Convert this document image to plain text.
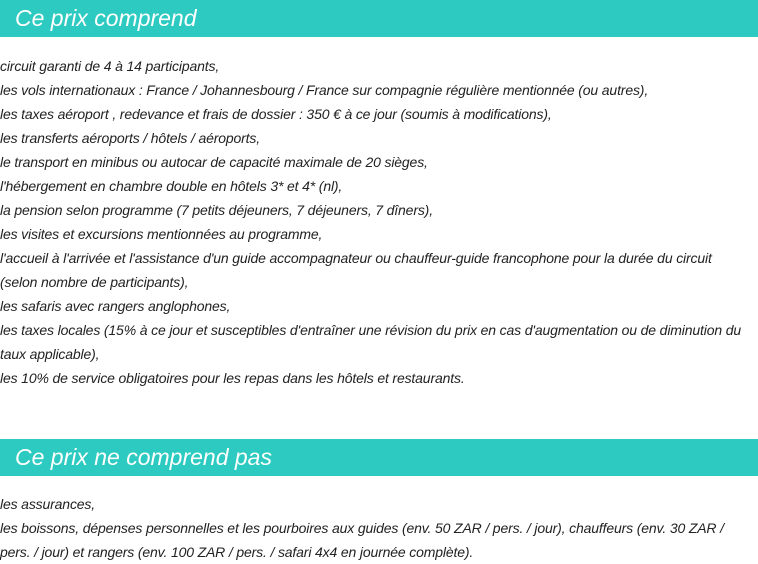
Ce prix comprend
circuit garanti de 4 à 14 participants,
les vols internationaux : France / Johannesbourg / France sur compagnie régulière mentionnée (ou autres),
les taxes aéroport , redevance et frais de dossier : 350 € à ce jour (soumis à modifications),
les transferts aéroports / hôtels / aéroports,
le transport en minibus ou autocar de capacité maximale de 20 sièges,
l'hébergement en chambre double en hôtels 3* et 4* (nl),
la pension selon programme (7 petits déjeuners, 7 déjeuners, 7 dîners),
les visites et excursions mentionnées au programme,
l'accueil à l'arrivée et l'assistance d'un guide accompagnateur ou chauffeur-guide francophone pour la durée du circuit (selon nombre de participants),
les safaris avec rangers anglophones,
les taxes locales (15% à ce jour et susceptibles d'entraîner une révision du prix en cas d'augmentation ou de diminution du taux applicable),
les 10% de service obligatoires pour les repas dans les hôtels et restaurants.
Ce prix ne comprend pas
les assurances,
les boissons, dépenses personnelles et les pourboires aux guides (env. 50 ZAR / pers. / jour), chauffeurs (env. 30 ZAR / pers. / jour) et rangers (env. 100 ZAR / pers. / safari 4x4 en journée complète).
